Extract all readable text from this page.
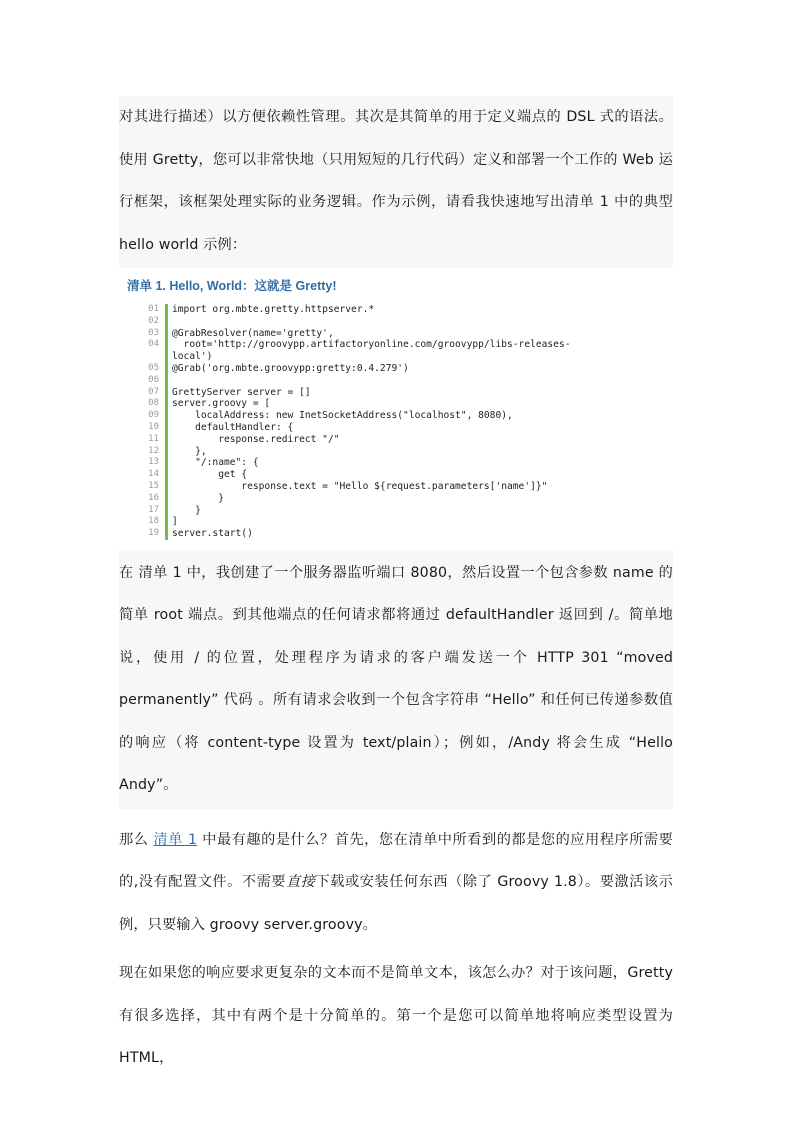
对其进行描述）以方便依赖性管理。其次是其简单的用于定义端点的 DSL 式的语法。 使用 Gretty，您可以非常快地（只用短短的几行代码）定义和部署一个工作的 Web 运行框架，该框架处理实际的业务逻辑。作为示例，请看我快速地写出清单 1 中的典型 hello world 示例：

清单 1. Hello, World：这就是 Gretty!
01	import org.mbte.gretty.httpserver.*
02
03	@GrabResolver(name='gretty',
04	root='http://groovypp.artifactoryonline.com/groovypp/libs-releases-
local')
05	@Grab('org.mbte.groovypp:gretty:0.4.279')
06
07	GrettyServer server = []
08	server.groovy = [
09	localAddress: new InetSocketAddress("localhost", 8080),
10	defaultHandler: {
11	response.redirect "/"
12	},
13	"/:name": {
14	get {
15	response.text = "Hello ${request.parameters['name']}"
16	}
17	}
18	]
19	server.start()

在 清单 1 中，我创建了一个服务器监听端口 8080，然后设置一个包含参数 name 的简单 root 端点。到其他端点的任何请求都将通过 defaultHandler 返回到 /。简单地说，使用 / 的位置，处理程序为请求的客户端发送一个 HTTP 301 “moved permanently” 代码 。所有请求会收到一个包含字符串 “Hello” 和任何已传递参数值的响应（将 content-type 设置为 text/plain）；例如，/Andy 将会生成 “Hello Andy”。

那么 清单 1 中最有趣的是什么？首先，您在清单中所看到的都是您的应用程序所需要的,没有配置文件。不需要直接下载或安装任何东西（除了 Groovy 1.8）。要激活该示例，只要输入 groovy server.groovy。

现在如果您的响应要求更复杂的文本而不是简单文本，该怎么办？对于该问题，Gretty 有很多选择，其中有两个是十分简单的。第一个是您可以简单地将响应类型设置为 HTML，
